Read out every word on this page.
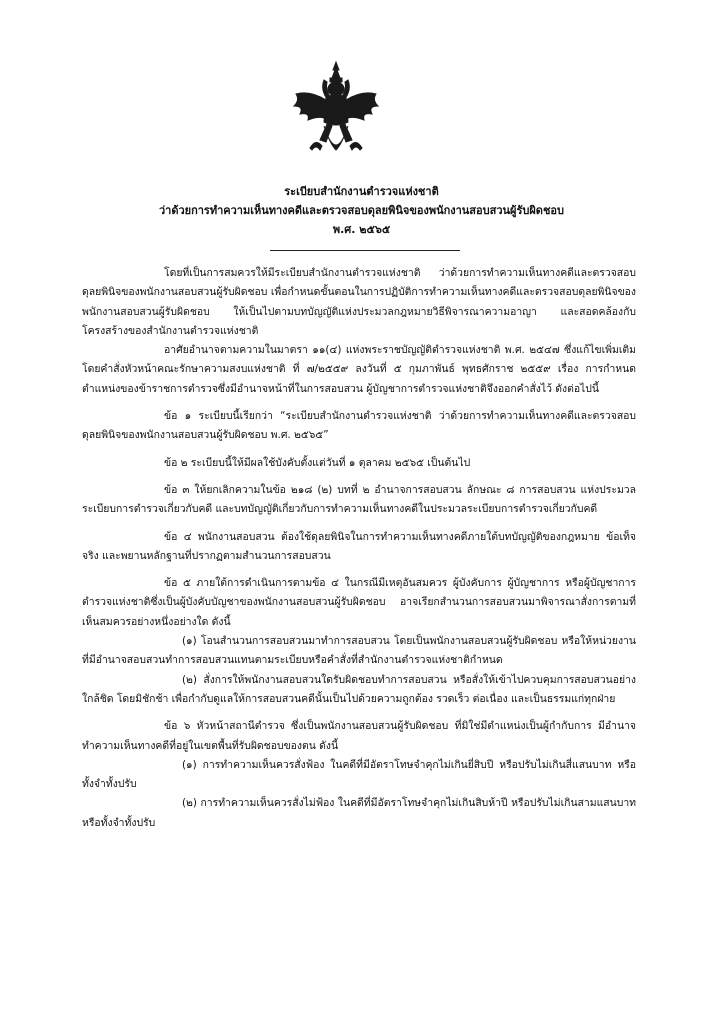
ระเบียบสำนักงานตำรวจแห่งชาติ
ว่าด้วยการทำความเห็นทางคดีและตรวจสอบดุลยพินิจของพนักงานสอบสวนผู้รับผิดชอบ
พ.ศ. ๒๕๖๕

โดยที่เป็นการสมควรให้มีระเบียบสำนักงานตำรวจแห่งชาติ ว่าด้วยการทำความเห็นทางคดีและตรวจสอบดุลยพินิจของพนักงานสอบสวนผู้รับผิดชอบ เพื่อกำหนดขั้นตอนในการปฏิบัติการทำความเห็นทางคดีและตรวจสอบดุลยพินิจของพนักงานสอบสวนผู้รับผิดชอบ ให้เป็นไปตามบทบัญญัติแห่งประมวลกฎหมายวิธีพิจารณาความอาญา และสอดคล้องกับโครงสร้างของสำนักงานตำรวจแห่งชาติ

อาศัยอำนาจตามความในมาตรา ๑๑(๔) แห่งพระราชบัญญัติตำรวจแห่งชาติ พ.ศ. ๒๕๔๗ ซึ่งแก้ไขเพิ่มเติมโดยคำสั่งหัวหน้าคณะรักษาความสงบแห่งชาติ ที่ ๗/๒๕๕๙ ลงวันที่ ๕ กุมภาพันธ์ พุทธศักราช ๒๕๕๙ เรื่อง การกำหนดตำแหน่งของข้าราชการตำรวจซึ่งมีอำนาจหน้าที่ในการสอบสวน ผู้บัญชาการตำรวจแห่งชาติจึงออกคำสั่งไว้ ดังต่อไปนี้

ข้อ ๑ ระเบียบนี้เรียกว่า “ระเบียบสำนักงานตำรวจแห่งชาติ ว่าด้วยการทำความเห็นทางคดีและตรวจสอบดุลยพินิจของพนักงานสอบสวนผู้รับผิดชอบ พ.ศ. ๒๕๖๕”

ข้อ ๒ ระเบียบนี้ให้มีผลใช้บังคับตั้งแต่วันที่ ๑ ตุลาคม ๒๕๖๕ เป็นต้นไป

ข้อ ๓ ให้ยกเลิกความในข้อ ๒๑๘ (๒) บทที่ ๒ อำนาจการสอบสวน ลักษณะ ๘ การสอบสวน แห่งประมวลระเบียบการตำรวจเกี่ยวกับคดี และบทบัญญัติเกี่ยวกับการทำความเห็นทางคดีในประมวลระเบียบการตำรวจเกี่ยวกับคดี

ข้อ ๔ พนักงานสอบสวน ต้องใช้ดุลยพินิจในการทำความเห็นทางคดีภายใต้บทบัญญัติของกฎหมาย ข้อเท็จจริง และพยานหลักฐานที่ปรากฏตามสำนวนการสอบสวน

ข้อ ๕ ภายใต้การดำเนินการตามข้อ ๔ ในกรณีมีเหตุอันสมควร ผู้บังคับการ ผู้บัญชาการ หรือผู้บัญชาการตำรวจแห่งชาติซึ่งเป็นผู้บังคับบัญชาของพนักงานสอบสวนผู้รับผิดชอบ อาจเรียกสำนวนการสอบสวนมาพิจารณาสั่งการตามที่เห็นสมควรอย่างหนึ่งอย่างใด ดังนี้

(๑) โอนสำนวนการสอบสวนมาทำการสอบสวน โดยเป็นพนักงานสอบสวนผู้รับผิดชอบ หรือให้หน่วยงานที่มีอำนาจสอบสวนทำการสอบสวนแทนตามระเบียบหรือคำสั่งที่สำนักงานตำรวจแห่งชาติกำหนด

(๒) สั่งการให้พนักงานสอบสวนใดรับผิดชอบทำการสอบสวน หรือสั่งให้เข้าไปควบคุมการสอบสวนอย่างใกล้ชิด โดยมิชักช้า เพื่อกำกับดูแลให้การสอบสวนคดีนั้นเป็นไปด้วยความถูกต้อง รวดเร็ว ต่อเนื่อง และเป็นธรรมแก่ทุกฝ่าย

ข้อ ๖ หัวหน้าสถานีตำรวจ ซึ่งเป็นพนักงานสอบสวนผู้รับผิดชอบ ที่มิใช่มีตำแหน่งเป็นผู้กำกับการ มีอำนาจทำความเห็นทางคดีที่อยู่ในเขตพื้นที่รับผิดชอบของตน ดังนี้

(๑) การทำความเห็นควรสั่งฟ้อง ในคดีที่มีอัตราโทษจำคุกไม่เกินยี่สิบปี หรือปรับไม่เกินสี่แสนบาท หรือทั้งจำทั้งปรับ

(๒) การทำความเห็นควรสั่งไม่ฟ้อง ในคดีที่มีอัตราโทษจำคุกไม่เกินสิบห้าปี หรือปรับไม่เกินสามแสนบาท หรือทั้งจำทั้งปรับ
